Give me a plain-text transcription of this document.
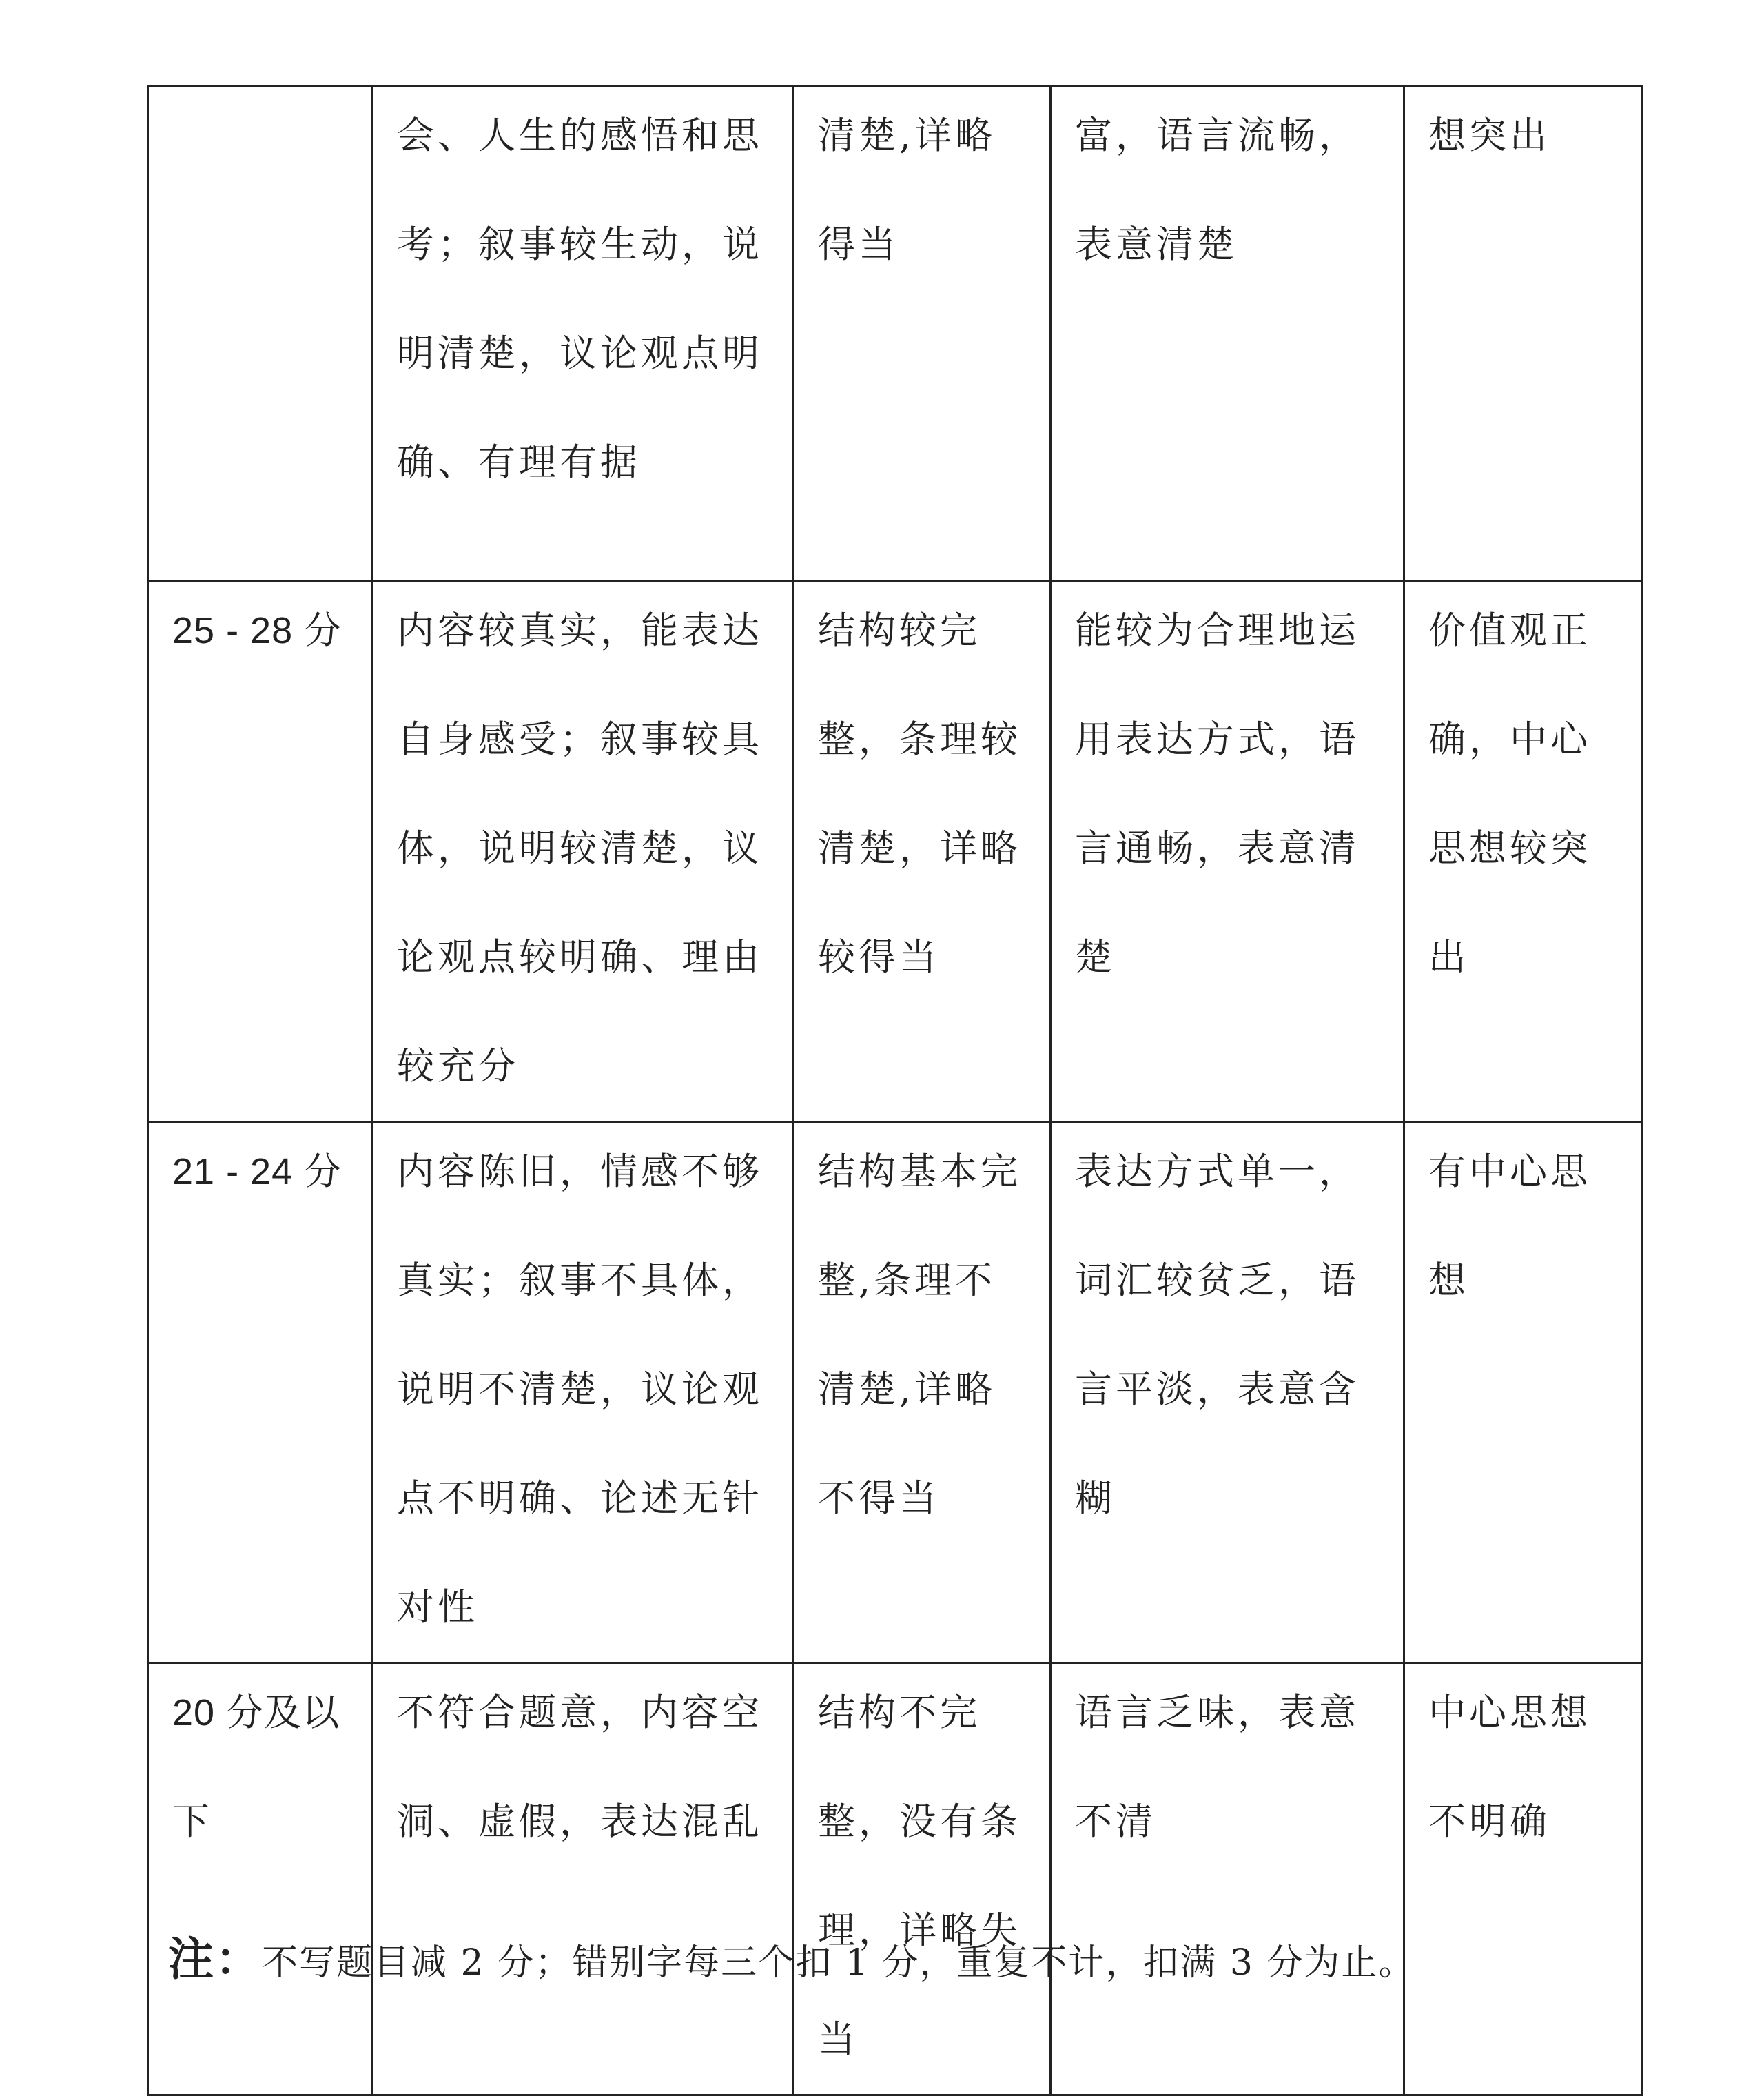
	会、人生的感悟和思考；叙事较生动，说明清楚，议论观点明确、有理有据	清楚,详略得当	富，语言流畅，表意清楚	想突出

25 - 28 分	内容较真实，能表达自身感受；叙事较具体，说明较清楚，议论观点较明确、理由较充分	结构较完整，条理较清楚，详略较得当	能较为合理地运用表达方式，语言通畅，表意清楚	价值观正确，中心思想较突出

21 - 24 分	内容陈旧，情感不够真实；叙事不具体，说明不清楚，议论观点不明确、论述无针对性	结构基本完整,条理不清楚,详略不得当	表达方式单一，词汇较贫乏，语言平淡，表意含糊	有中心思想

20 分及以下	不符合题意，内容空洞、虚假，表达混乱	结构不完整，没有条理，详略失当	语言乏味，表意不清	中心思想不明确
注：不写题目减 2 分；错别字每三个扣 1 分，重复不计，扣满 3 分为止。
